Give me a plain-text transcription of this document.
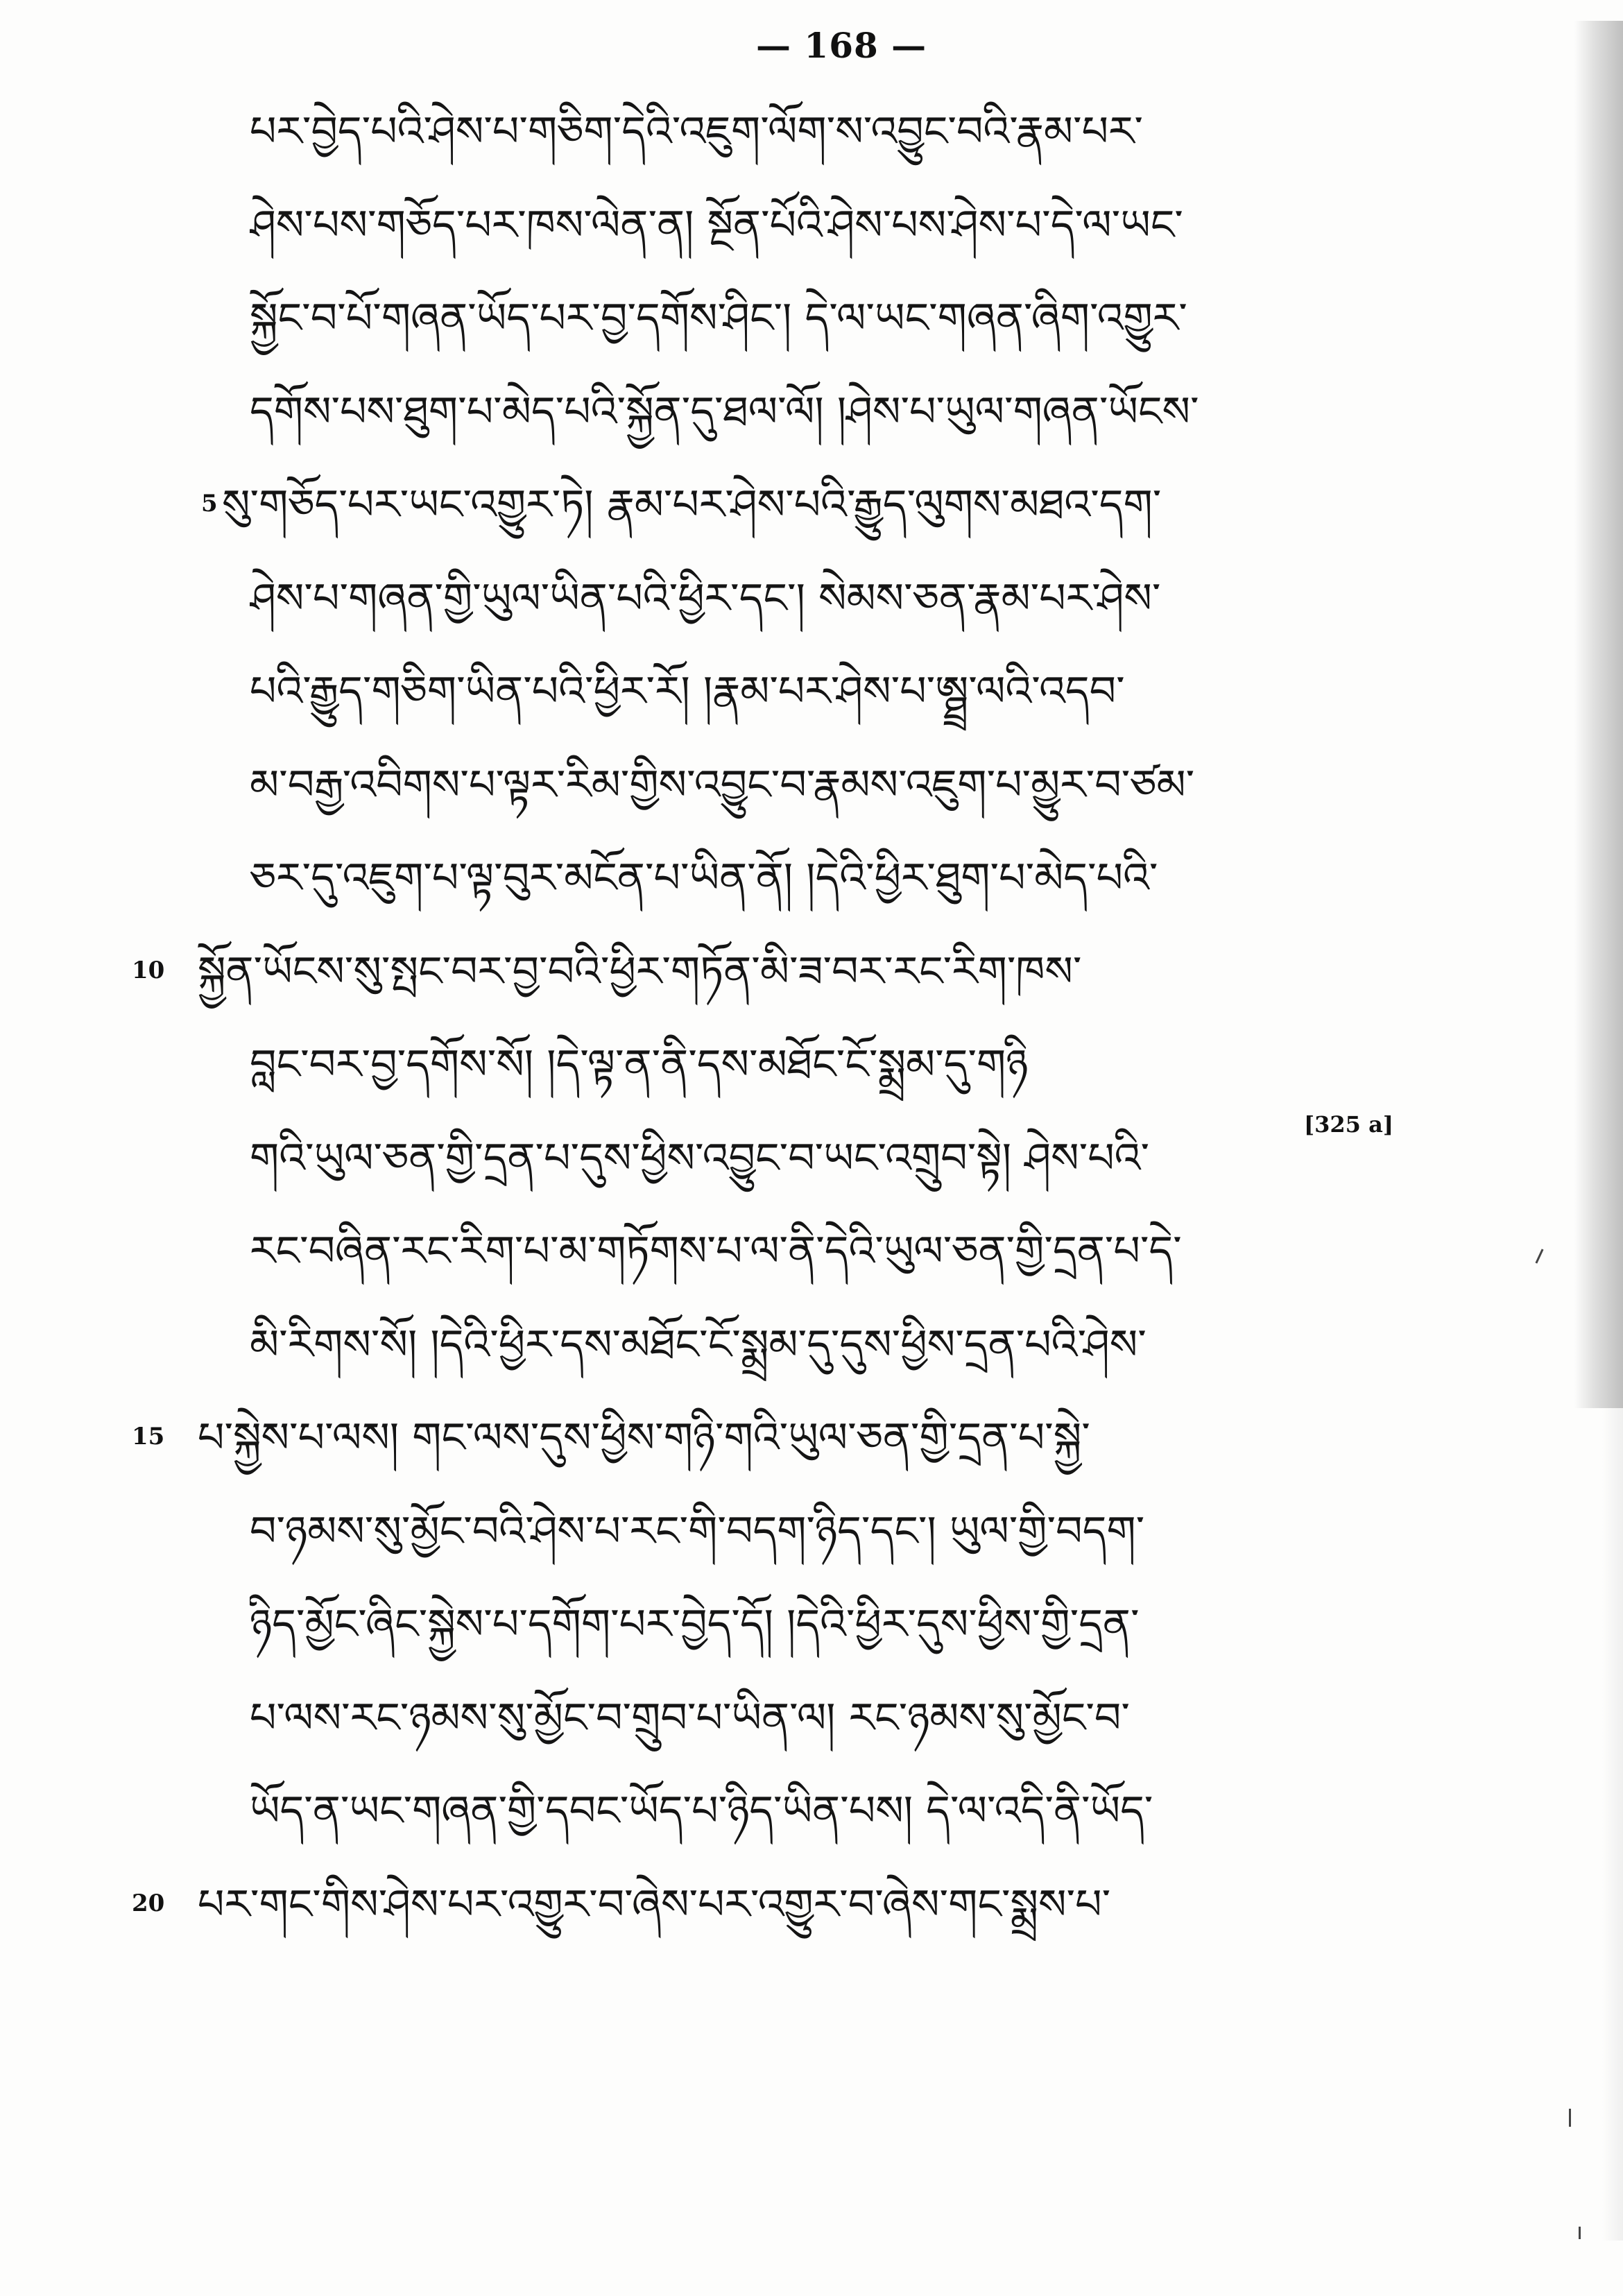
— 168 —
པར་བྱེད་པའི་ཤེས་པ་གཅིག་དེའི་འཇུག་ལོག་ས་འབྱུང་བའི་རྣམ་པར་
ཤེས་པས་གཅོད་པར་ཁས་ལེན་ན། སྔོན་པོའི་ཤེས་པས་ཤེས་པ་དེ་ལ་ཡང་
སྐྱོང་བ་པོ་གཞན་ཡོད་པར་བྱ་དགོས་ཤིང་། དེ་ལ་ཡང་གཞན་ཞིག་འགྱུར་
དགོས་པས་ཐུག་པ་མེད་པའི་སྐྱོན་དུ་ཐལ་ལོ། །ཤེས་པ་ཡུལ་གཞན་ཡོངས་
5 སུ་གཅོད་པར་ཡང་འགྱུར་ཏེ། རྣམ་པར་ཤེས་པའི་རྒྱུད་ལུགས་མཐའ་དག་
ཤེས་པ་གཞན་གྱི་ཡུལ་ཡིན་པའི་ཕྱིར་དང་། སེམས་ཅན་རྣམ་པར་ཤེས་
པའི་རྒྱུད་གཅིག་ཡིན་པའི་ཕྱིར་རོ། །རྣམ་པར་ཤེས་པ་ཨྠྲ་ལའི་འདབ་
མ་བརྒྱ་འབིགས་པ་ལྟར་རིམ་གྱིས་འབྱུང་བ་རྣམས་འཇུག་པ་མྱུར་བ་ཙམ་
ཅར་དུ་འཇུག་པ་ལྟ་བུར་མངོན་པ་ཡིན་ནོ། །དེའི་ཕྱིར་ཐུག་པ་མེད་པའི་
10 སྐྱོན་ཡོངས་སུ་སྤང་བར་བྱ་བའི་ཕྱིར་གཏོན་མི་ཟ་བར་རང་རིག་ཁས་
བླང་བར་བྱ་དགོས་སོ། །དེ་ལྟ་ན་ནི་དས་མཐོང་ངོ་སྨྲམ་དུ་གཉི
གའི་ཡུལ་ཅན་གྱི་དྲན་པ་དུས་ཕྱིས་འབྱུང་བ་ཡང་འགྲུབ་སྟེ། ཤེས་པའི་
རང་བཞིན་རང་རིག་པ་མ་གཏོགས་པ་ལ་ནི་དེའི་ཡུལ་ཅན་གྱི་དྲན་པ་དེ་
མི་རིགས་སོ། །དེའི་ཕྱིར་དས་མཐོང་ངོ་སྨྲམ་དུ་དུས་ཕྱིས་དྲན་པའི་ཤེས་
15 པ་སྐྱེས་པ་ལས། གང་ལས་དུས་ཕྱིས་གཉི་གའི་ཡུལ་ཅན་གྱི་དྲན་པ་སྐྱེ་
བ་ཉམས་སུ་མྱོང་བའི་ཤེས་པ་རང་གི་བདག་ཉིད་དང་། ཡུལ་གྱི་བདག་
ཉིད་མྱོང་ཞིང་སྐྱེས་པ་དགོག་པར་བྱེད་དོ། །དེའི་ཕྱིར་དུས་ཕྱིས་གྱི་དྲན་
པ་ལས་རང་ཉམས་སུ་མྱོང་བ་གྲུབ་པ་ཡིན་ལ། རང་ཉམས་སུ་མྱོང་བ་
ཡོད་ན་ཡང་གཞན་གྱི་དབང་ཡོད་པ་ཉིད་ཡིན་པས། དེ་ལ་འདི་ནི་ཡོད་
20 པར་གང་གིས་ཤེས་པར་འགྱུར་བ་ཞེས་པར་འགྱུར་བ་ཞེས་གང་སྨྲས་པ་
[325 a]
